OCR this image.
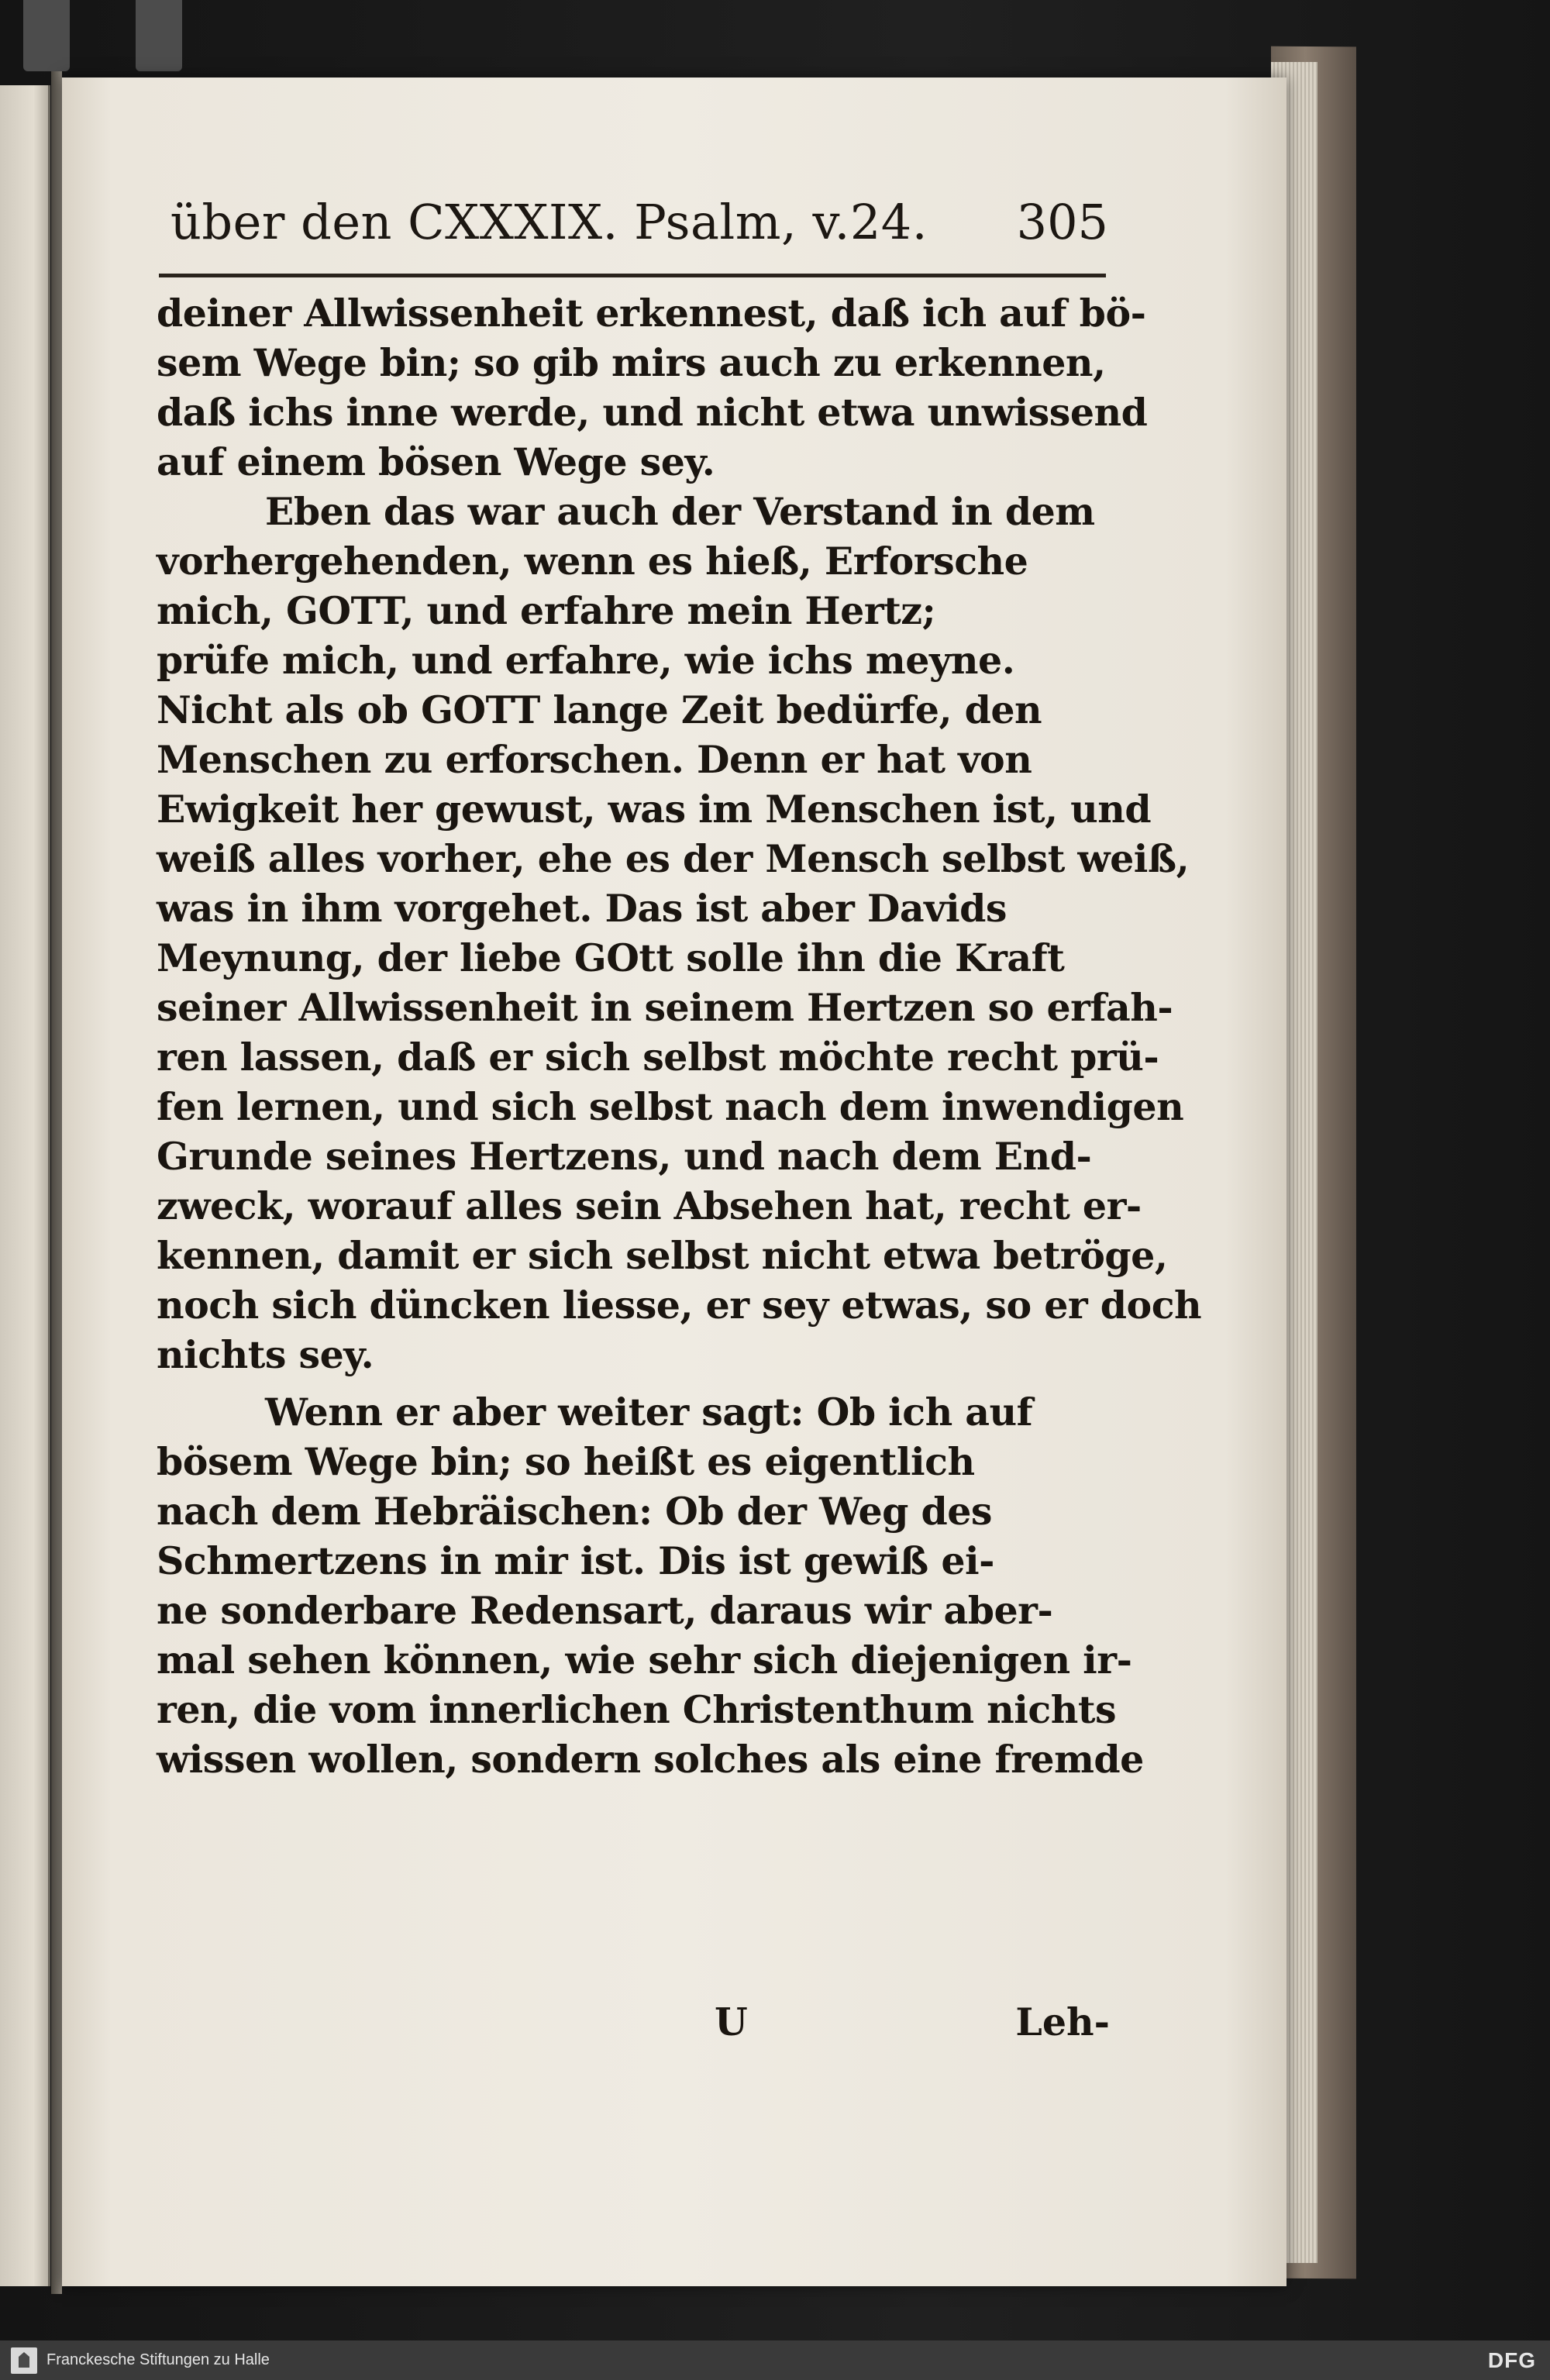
über den CXXXIX. Psalm, v.24. 305
deiner Allwissenheit erkennest, daß ich auf bö-
sem Wege bin; so gib mirs auch zu erkennen,
daß ichs inne werde, und nicht etwa unwissend
auf einem bösen Wege sey.
Eben das war auch der Verstand in dem
vorhergehenden, wenn es hieß, Erforsche
mich, GOTT, und erfahre mein Hertz;
prüfe mich, und erfahre, wie ichs meyne.
Nicht als ob GOTT lange Zeit bedürfe, den
Menschen zu erforschen. Denn er hat von
Ewigkeit her gewust, was im Menschen ist, und
weiß alles vorher, ehe es der Mensch selbst weiß,
was in ihm vorgehet. Das ist aber Davids
Meynung, der liebe GOtt solle ihn die Kraft
seiner Allwissenheit in seinem Hertzen so erfah-
ren lassen, daß er sich selbst möchte recht prü-
fen lernen, und sich selbst nach dem inwendigen
Grunde seines Hertzens, und nach dem End-
zweck, worauf alles sein Absehen hat, recht er-
kennen, damit er sich selbst nicht etwa betröge,
noch sich düncken liesse, er sey etwas, so er doch
nichts sey.
Wenn er aber weiter sagt: Ob ich auf
bösem Wege bin; so heißt es eigentlich
nach dem Hebräischen: Ob der Weg des
Schmertzens in mir ist. Dis ist gewiß ei-
ne sonderbare Redensart, daraus wir aber-
mal sehen können, wie sehr sich diejenigen ir-
ren, die vom innerlichen Christenthum nichts
wissen wollen, sondern solches als eine fremde
U	Leh-
Franckesche Stiftungen zu Halle	DFG
